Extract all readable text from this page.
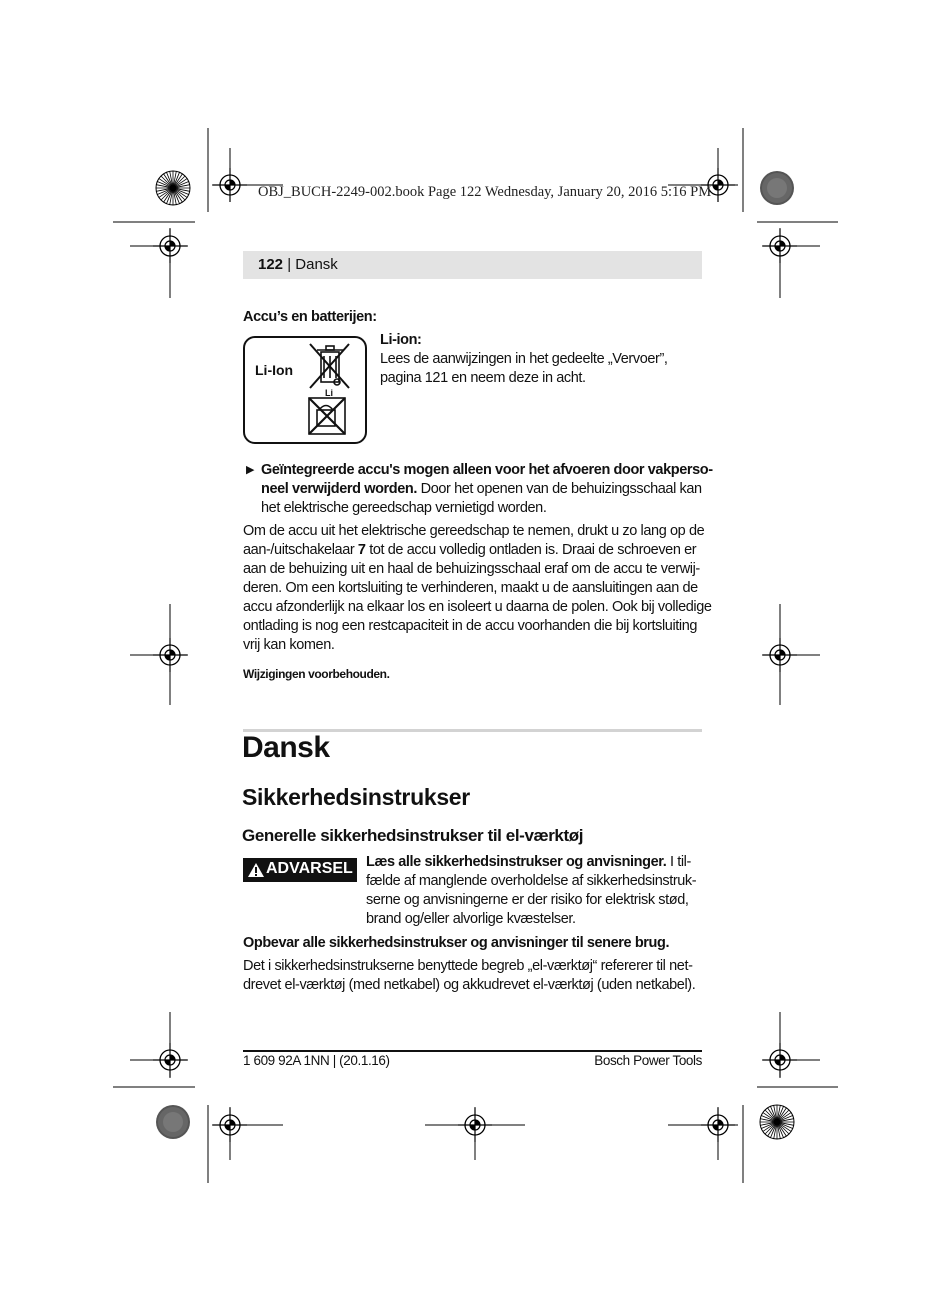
OBJ_BUCH-2249-002.book Page 122 Wednesday, January 20, 2016 5:16 PM
122 | Dansk
Accu’s en batterijen:
Li
Li-Ion
Li-ion:
Lees de aanwijzingen in het gedeelte „Vervoer”,
pagina 121 en neem deze in acht.
▶ Geïntegreerde accu's mogen alleen voor het afvoeren door vakperso-
neel verwijderd worden. Door het openen van de behuizingsschaal kan
het elektrische gereedschap vernietigd worden.
Om de accu uit het elektrische gereedschap te nemen, drukt u zo lang op de
aan-/uitschakelaar 7 tot de accu volledig ontladen is. Draai de schroeven er
aan de behuizing uit en haal de behuizingsschaal eraf om de accu te verwij-
deren. Om een kortsluiting te verhinderen, maakt u de aansluitingen aan de
accu afzonderlijk na elkaar los en isoleert u daarna de polen. Ook bij volledige
ontlading is nog een restcapaciteit in de accu voorhanden die bij kortsluiting
vrij kan komen.
Wijzigingen voorbehouden.
Dansk
Sikkerhedsinstrukser
Generelle sikkerhedsinstrukser til el-værktøj
ADVARSEL Læs alle sikkerhedsinstrukser og anvisninger. I til-
fælde af manglende overholdelse af sikkerhedsinstruk-
serne og anvisningerne er der risiko for elektrisk stød,
brand og/eller alvorlige kvæstelser.
Opbevar alle sikkerhedsinstrukser og anvisninger til senere brug.
Det i sikkerhedsinstrukserne benyttede begreb „el-værktøj“ refererer til net-
drevet el-værktøj (med netkabel) og akkudrevet el-værktøj (uden netkabel).
1 609 92A 1NN | (20.1.16)	Bosch Power Tools
